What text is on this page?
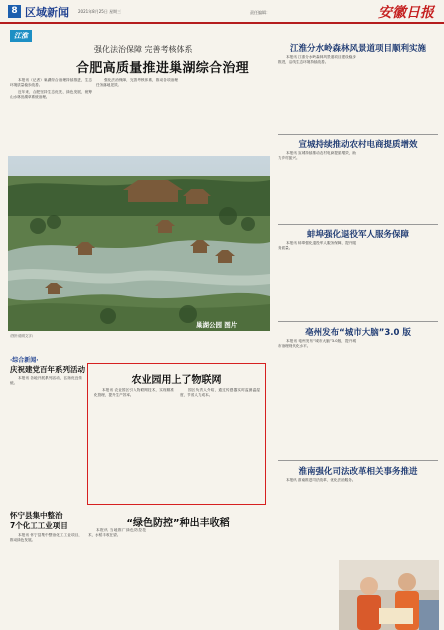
8 区域新闻 2021年8月25日 星期三	责任编辑：	安徽日报
江淮
强化法治保障 完善考核体系
合肥高质量推进巢湖综合治理

本报讯（记者）巢湖综合治理持续推进，生态环境质量稳步改善。

近年来，合肥坚持生态优先、绿色发展，统筹山水林田湖草系统治理。

强化法治保障，完善考核体系，推动各项治理任务落地见效。

巢湖公园 图片
（图片说明文字）
江淮分水岭森林风景道项目顺利实施

本报讯 江淮分水岭森林风景道项目建设稳步推进，沿线生态环境持续改善。

宣城持续推动农村电商提质增效

本报讯 宣城持续推动农村电商提质增效，助力乡村振兴。

蚌埠强化退役军人服务保障

本报讯 蚌埠强化退役军人服务保障，提升服务质量。

亳州发布“城市大脑”3.0 版

本报讯 亳州发布“城市大脑”3.0版，提升城市治理现代化水平。

淮南强化司法改革相关事务推进

本报讯 淮南推进司法改革，优化法治服务。

·综合新闻·
庆祝建党百年系列活动

本报讯 各地开展系列活动，弘扬优良传统。

怀宁县集中整治
7个化工工业项目

本报讯 怀宁县集中整治化工工业项目，推动绿色发展。

农业园用上了物联网

本报讯 农业园区引入物联网技术，实现精准化管理，提升生产效率。

园区负责人介绍，通过传感器实时监测温湿度，节省人力成本。

“绿色防控”种出丰收稻

本报讯 当地推广绿色防控技术，水稻丰收在望。
